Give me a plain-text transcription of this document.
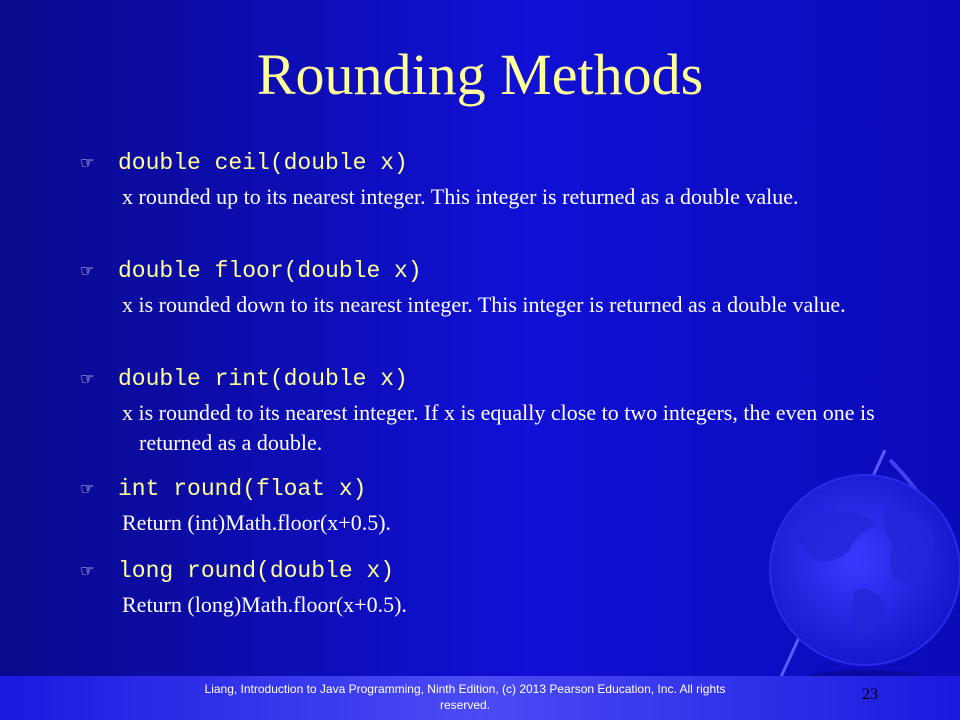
Rounding Methods
☞	double ceil(double x)
x rounded up to its nearest integer. This integer is returned as a double value.
☞	double floor(double x)
x is rounded down to its nearest integer. This integer is returned as a double value.
☞	double rint(double x)
x is rounded to its nearest integer. If x is equally close to two integers, the even one is returned as a double.
☞	int round(float x)
Return (int)Math.floor(x+0.5).
☞	long round(double x)
Return (long)Math.floor(x+0.5).
Liang, Introduction to Java Programming, Ninth Edition, (c) 2013 Pearson Education, Inc. All rights reserved.
23
